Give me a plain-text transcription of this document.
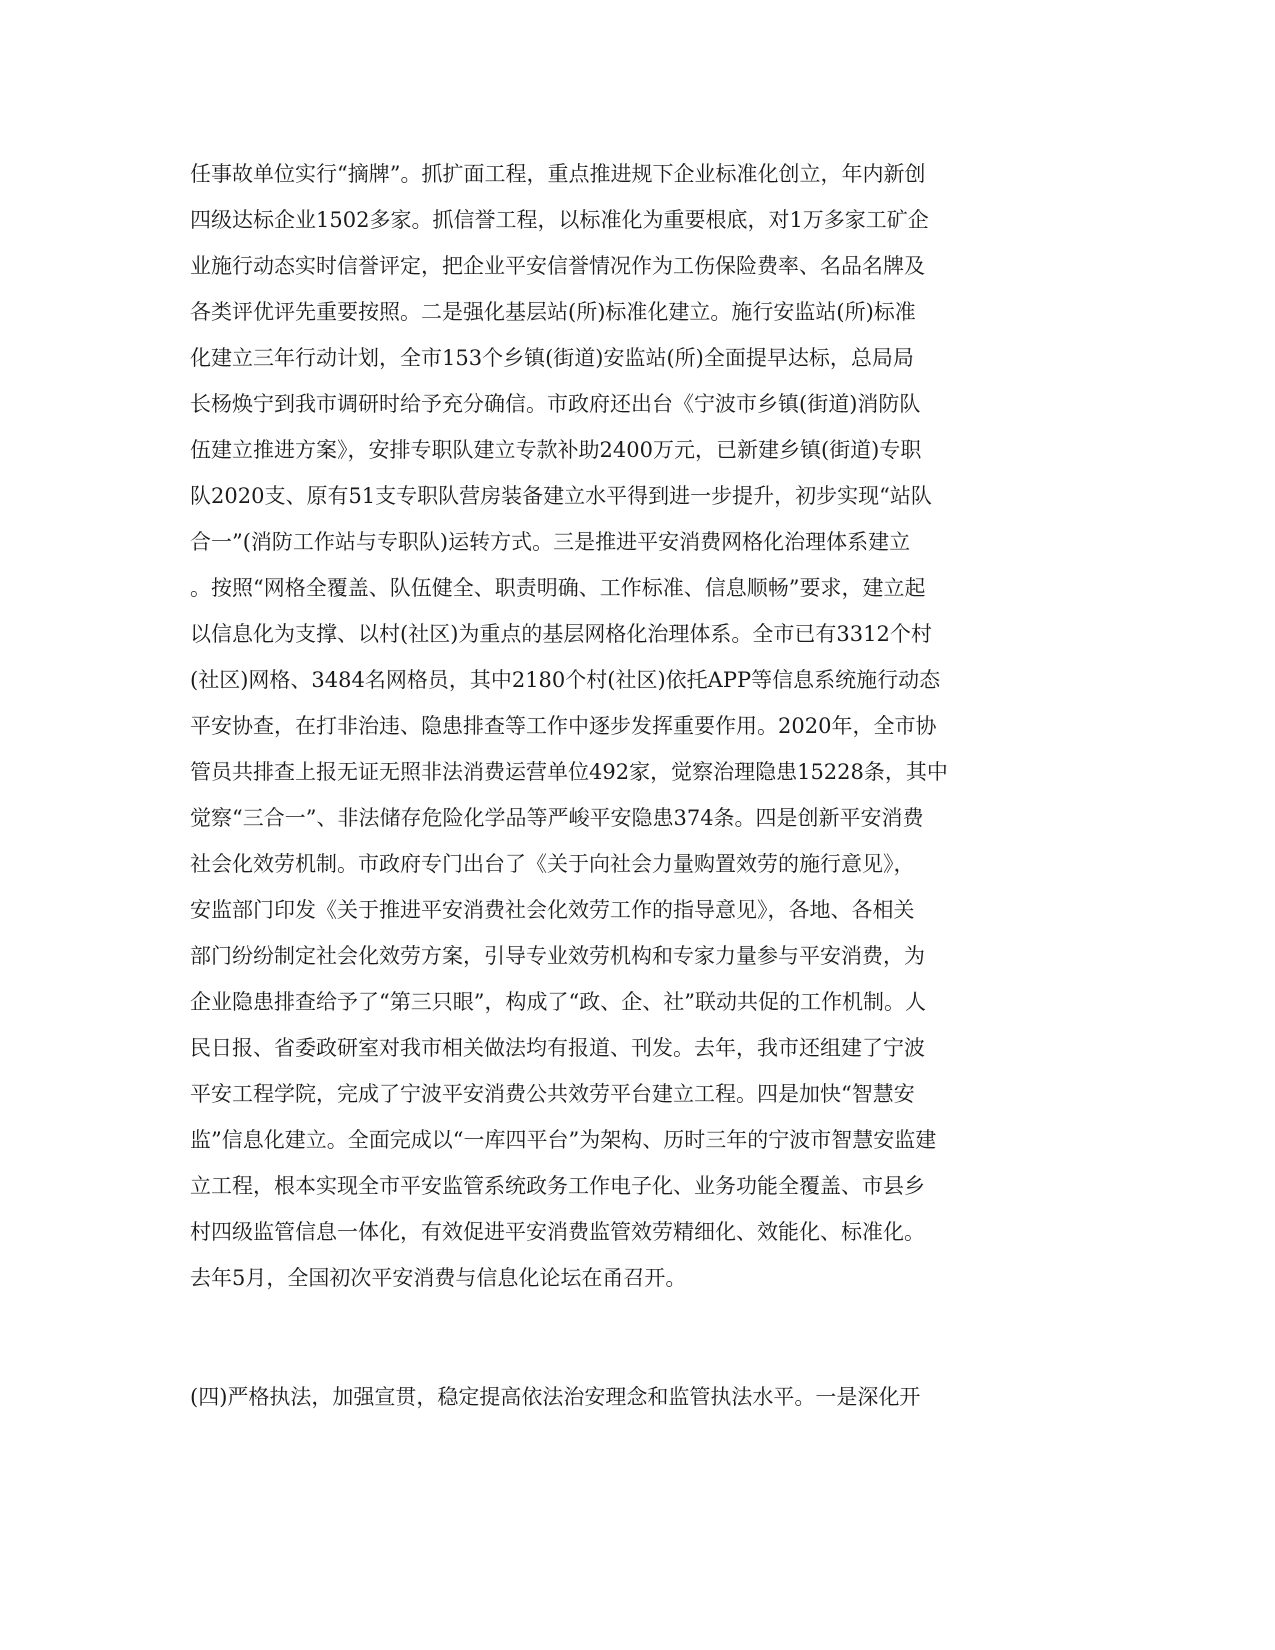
任事故单位实行“摘牌”。抓扩面工程，重点推进规下企业标准化创立，年内新创
四级达标企业1502多家。抓信誉工程，以标准化为重要根底，对1万多家工矿企
业施行动态实时信誉评定，把企业平安信誉情况作为工伤保险费率、名品名牌及
各类评优评先重要按照。二是强化基层站(所)标准化建立。施行安监站(所)标准
化建立三年行动计划，全市153个乡镇(街道)安监站(所)全面提早达标，总局局
长杨焕宁到我市调研时给予充分确信。市政府还出台《宁波市乡镇(街道)消防队
伍建立推进方案》，安排专职队建立专款补助2400万元，已新建乡镇(街道)专职
队2020支、原有51支专职队营房装备建立水平得到进一步提升，初步实现“站队
合一”(消防工作站与专职队)运转方式。三是推进平安消费网格化治理体系建立
。按照“网格全覆盖、队伍健全、职责明确、工作标准、信息顺畅”要求，建立起
以信息化为支撑、以村(社区)为重点的基层网格化治理体系。全市已有3312个村
(社区)网格、3484名网格员，其中2180个村(社区)依托APP等信息系统施行动态
平安协查，在打非治违、隐患排查等工作中逐步发挥重要作用。2020年，全市协
管员共排查上报无证无照非法消费运营单位492家，觉察治理隐患15228条，其中
觉察“三合一”、非法储存危险化学品等严峻平安隐患374条。四是创新平安消费
社会化效劳机制。市政府专门出台了《关于向社会力量购置效劳的施行意见》，
安监部门印发《关于推进平安消费社会化效劳工作的指导意见》，各地、各相关
部门纷纷制定社会化效劳方案，引导专业效劳机构和专家力量参与平安消费，为
企业隐患排查给予了“第三只眼”，构成了“政、企、社”联动共促的工作机制。人
民日报、省委政研室对我市相关做法均有报道、刊发。去年，我市还组建了宁波
平安工程学院，完成了宁波平安消费公共效劳平台建立工程。四是加快“智慧安
监”信息化建立。全面完成以“一库四平台”为架构、历时三年的宁波市智慧安监建
立工程，根本实现全市平安监管系统政务工作电子化、业务功能全覆盖、市县乡
村四级监管信息一体化，有效促进平安消费监管效劳精细化、效能化、标准化。
去年5月，全国初次平安消费与信息化论坛在甬召开。
(四)严格执法，加强宣贯，稳定提高依法治安理念和监管执法水平。一是深化开
